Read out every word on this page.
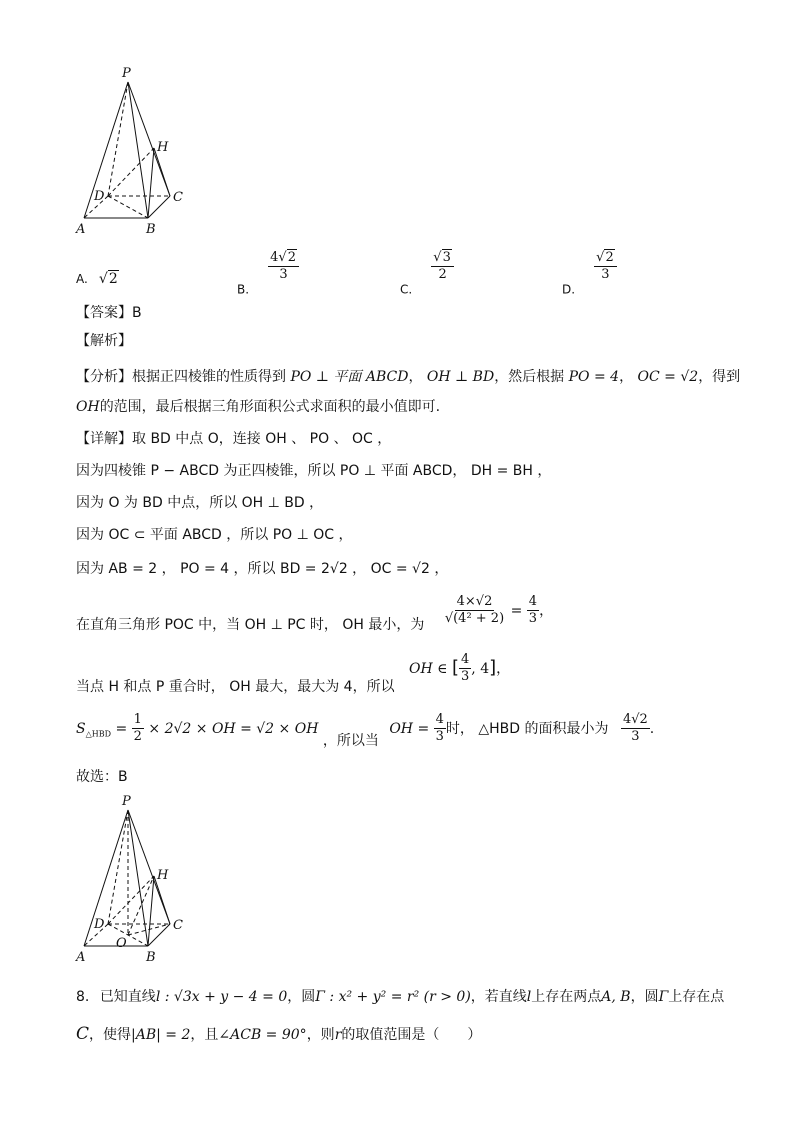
P
H
D	C
A	B
A. √2
$_{B.}$
$\frac{4√2}{3}$
$_{C.}$
$\frac{√3}{2}$
$_{D.}$
$\frac{√2}{3}$
【答案】B
【解析】
【分析】根据正四棱锥的性质得到 PO ⊥ 平面 ABCD， OH ⊥ BD，然后根据 PO = 4， OC = √2，得到
OH的范围，最后根据三角形面积公式求面积的最小值即可.
【详解】取 BD 中点 O，连接 OH 、 PO 、 OC ，
因为四棱锥 P − ABCD 为正四棱锥，所以 PO ⊥ 平面 ABCD， DH = BH ，
因为 O 为 BD 中点，所以 OH ⊥ BD ，
因为 OC ⊂ 平面 ABCD ，所以 PO ⊥ OC ，
因为 AB = 2 ， PO = 4 ，所以 BD = 2√2 ， OC = √2 ，
在直角三角形 POC 中，当 OH ⊥ PC 时， OH 最小，为 $\frac{4\times√2}{\text{√(4² + 2)}} = \frac{4}{3}$ ，
当点 H 和点 P 重合时， OH 最大，最大为 4，所以 OH ∈ [ $\frac{4}{3}$ , 4]，
$S_{\triangle HBD} = \frac{1}{2} \times 2√2$ × OH = √2 × OH ，所以当 OH = $\frac{4}{3}$ 时， △HBD 的面积最小为 $\frac{4√2}{3}$ .
故选：B
P
H
D	C
O
A	B
8. 已知直线l : √3x + y − 4 = 0，圆Γ : x² + y² = r² (r > 0)，若直线l上存在两点A, B，圆Γ上存在点
C，使得|AB| = 2，且∠ACB = 90°，则r的取值范围是（　　）
